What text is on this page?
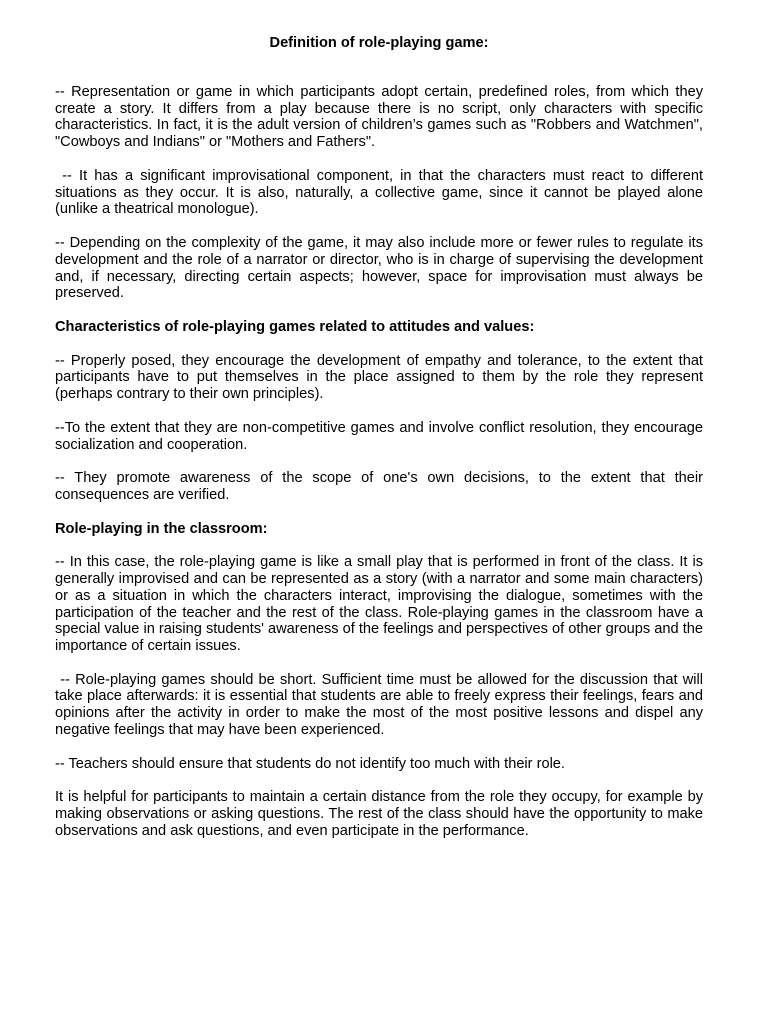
Definition of role-playing game:
-- Representation or game in which participants adopt certain, predefined roles, from which they create a story. It differs from a play because there is no script, only characters with specific characteristics. In fact, it is the adult version of children’s games such as "Robbers and Watchmen", "Cowboys and Indians" or "Mothers and Fathers".
-- It has a significant improvisational component, in that the characters must react to different situations as they occur. It is also, naturally, a collective game, since it cannot be played alone (unlike a theatrical monologue).
-- Depending on the complexity of the game, it may also include more or fewer rules to regulate its development and the role of a narrator or director, who is in charge of supervising the development and, if necessary, directing certain aspects; however, space for improvisation must always be preserved.
Characteristics of role-playing games related to attitudes and values:
-- Properly posed, they encourage the development of empathy and tolerance, to the extent that participants have to put themselves in the place assigned to them by the role they represent (perhaps contrary to their own principles).
--To the extent that they are non-competitive games and involve conflict resolution, they encourage socialization and cooperation.
-- They promote awareness of the scope of one's own decisions, to the extent that their consequences are verified.
Role-playing in the classroom:
-- In this case, the role-playing game is like a small play that is performed in front of the class. It is generally improvised and can be represented as a story (with a narrator and some main characters) or as a situation in which the characters interact, improvising the dialogue, sometimes with the participation of the teacher and the rest of the class. Role-playing games in the classroom have a special value in raising students' awareness of the feelings and perspectives of other groups and the importance of certain issues.
-- Role-playing games should be short. Sufficient time must be allowed for the discussion that will take place afterwards: it is essential that students are able to freely express their feelings, fears and opinions after the activity in order to make the most of the most positive lessons and dispel any negative feelings that may have been experienced.
-- Teachers should ensure that students do not identify too much with their role.
It is helpful for participants to maintain a certain distance from the role they occupy, for example by making observations or asking questions. The rest of the class should have the opportunity to make observations and ask questions, and even participate in the performance.
